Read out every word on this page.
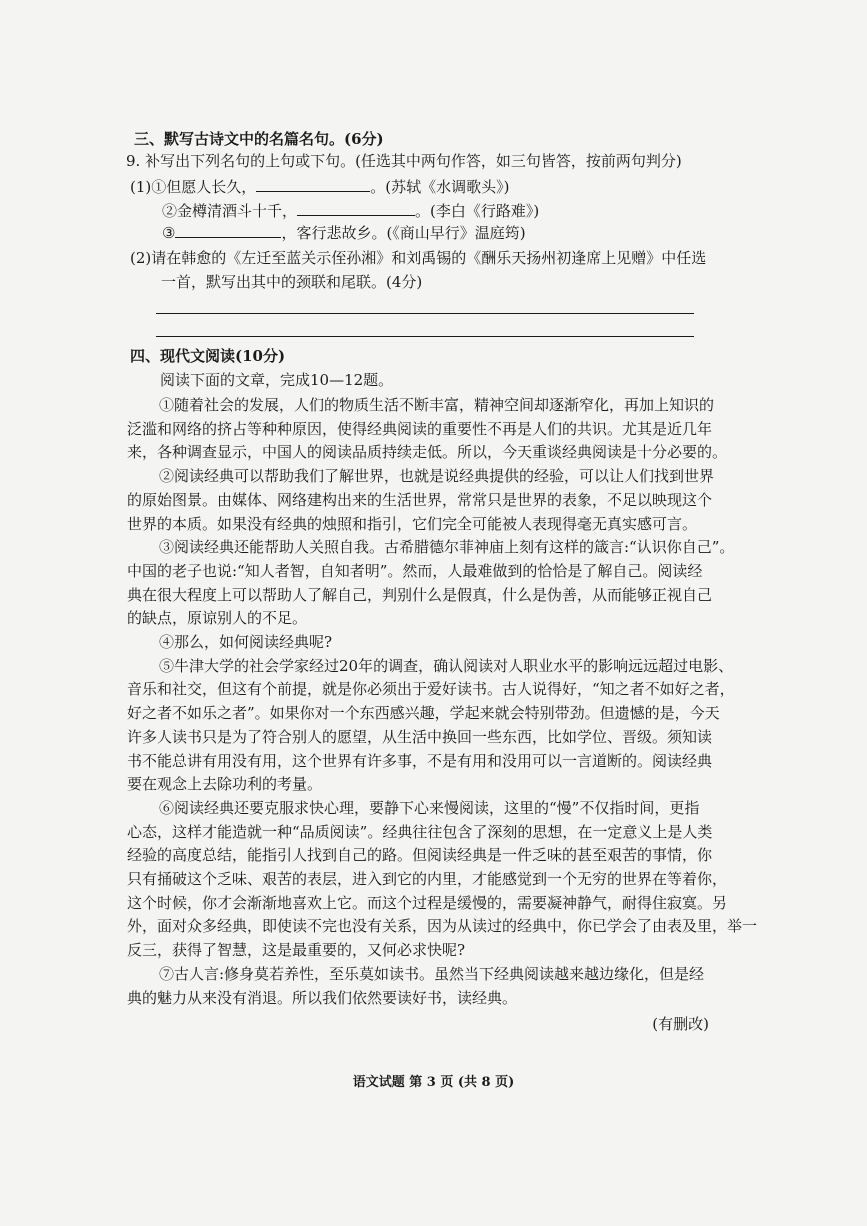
三、默写古诗文中的名篇名句。(6分)
9. 补写出下列名句的上句或下句。(任选其中两句作答，如三句皆答，按前两句判分)
(1)①但愿人长久，	。(苏轼《水调歌头》)
②金樽清酒斗十千，	。(李白《行路难》)
③	，客行悲故乡。(《商山早行》温庭筠)
(2)请在韩愈的《左迁至蓝关示侄孙湘》和刘禹锡的《酬乐天扬州初逢席上见赠》中任选
一首，默写出其中的颈联和尾联。(4分)
四、现代文阅读(10分)
阅读下面的文章，完成10—12题。
①随着社会的发展，人们的物质生活不断丰富，精神空间却逐渐窄化，再加上知识的
泛滥和网络的挤占等种种原因，使得经典阅读的重要性不再是人们的共识。尤其是近几年
来，各种调查显示，中国人的阅读品质持续走低。所以，今天重谈经典阅读是十分必要的。
②阅读经典可以帮助我们了解世界，也就是说经典提供的经验，可以让人们找到世界
的原始图景。由媒体、网络建构出来的生活世界，常常只是世界的表象，不足以映现这个
世界的本质。如果没有经典的烛照和指引，它们完全可能被人表现得毫无真实感可言。
③阅读经典还能帮助人关照自我。古希腊德尔菲神庙上刻有这样的箴言:“认识你自己”。
中国的老子也说:“知人者智，自知者明”。然而，人最难做到的恰恰是了解自己。阅读经
典在很大程度上可以帮助人了解自己，判别什么是假真，什么是伪善，从而能够正视自己
的缺点，原谅别人的不足。
④那么，如何阅读经典呢?
⑤牛津大学的社会学家经过20年的调查，确认阅读对人职业水平的影响远远超过电影、
音乐和社交，但这有个前提，就是你必须出于爱好读书。古人说得好，“知之者不如好之者，
好之者不如乐之者”。如果你对一个东西感兴趣，学起来就会特别带劲。但遗憾的是，今天
许多人读书只是为了符合别人的愿望，从生活中换回一些东西，比如学位、晋级。须知读
书不能总讲有用没有用，这个世界有许多事，不是有用和没用可以一言道断的。阅读经典
要在观念上去除功利的考量。
⑥阅读经典还要克服求快心理，要静下心来慢阅读，这里的“慢”不仅指时间，更指
心态，这样才能造就一种“品质阅读”。经典往往包含了深刻的思想，在一定意义上是人类
经验的高度总结，能指引人找到自己的路。但阅读经典是一件乏味的甚至艰苦的事情，你
只有捅破这个乏味、艰苦的表层，进入到它的内里，才能感觉到一个无穷的世界在等着你，
这个时候，你才会渐渐地喜欢上它。而这个过程是缓慢的，需要凝神静气，耐得住寂寞。另
外，面对众多经典，即使读不完也没有关系，因为从读过的经典中，你已学会了由表及里，举一
反三，获得了智慧，这是最重要的，又何必求快呢?
⑦古人言:修身莫若养性，至乐莫如读书。虽然当下经典阅读越来越边缘化，但是经
典的魅力从来没有消退。所以我们依然要读好书，读经典。
(有删改)
语文试题 第 3 页 (共 8 页)
